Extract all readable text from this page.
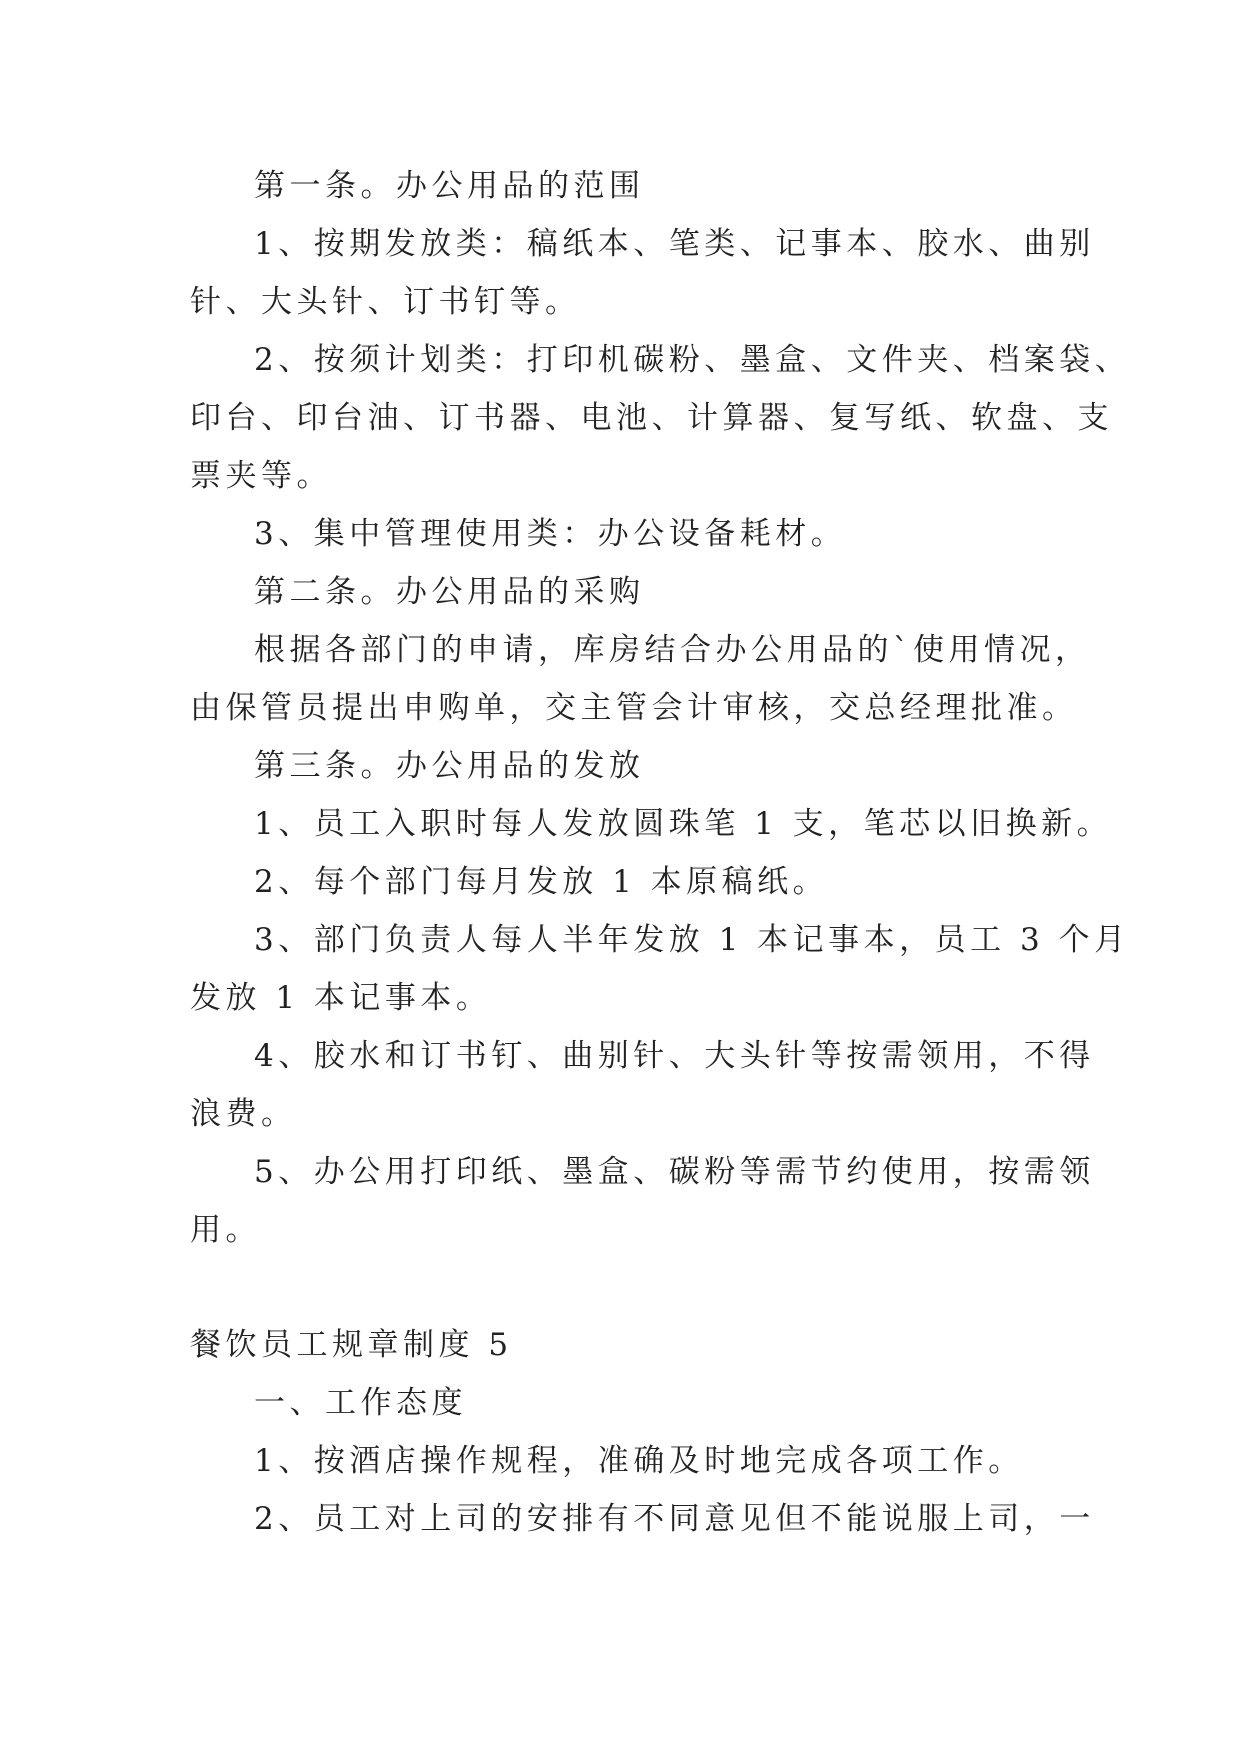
第一条。办公用品的范围
1、按期发放类：稿纸本、笔类、记事本、胶水、曲别
针、大头针、订书钉等。
2、按须计划类：打印机碳粉、墨盒、文件夹、档案袋、
印台、印台油、订书器、电池、计算器、复写纸、软盘、支
票夹等。
3、集中管理使用类：办公设备耗材。
第二条。办公用品的采购
根据各部门的申请，库房结合办公用品的`使用情况，
由保管员提出申购单，交主管会计审核，交总经理批准。
第三条。办公用品的发放
1、员工入职时每人发放圆珠笔 1 支，笔芯以旧换新。
2、每个部门每月发放 1 本原稿纸。
3、部门负责人每人半年发放 1 本记事本，员工 3 个月
发放 1 本记事本。
4、胶水和订书钉、曲别针、大头针等按需领用，不得
浪费。
5、办公用打印纸、墨盒、碳粉等需节约使用，按需领
用。
餐饮员工规章制度 5
一、工作态度
1、按酒店操作规程，准确及时地完成各项工作。
2、员工对上司的安排有不同意见但不能说服上司，一
